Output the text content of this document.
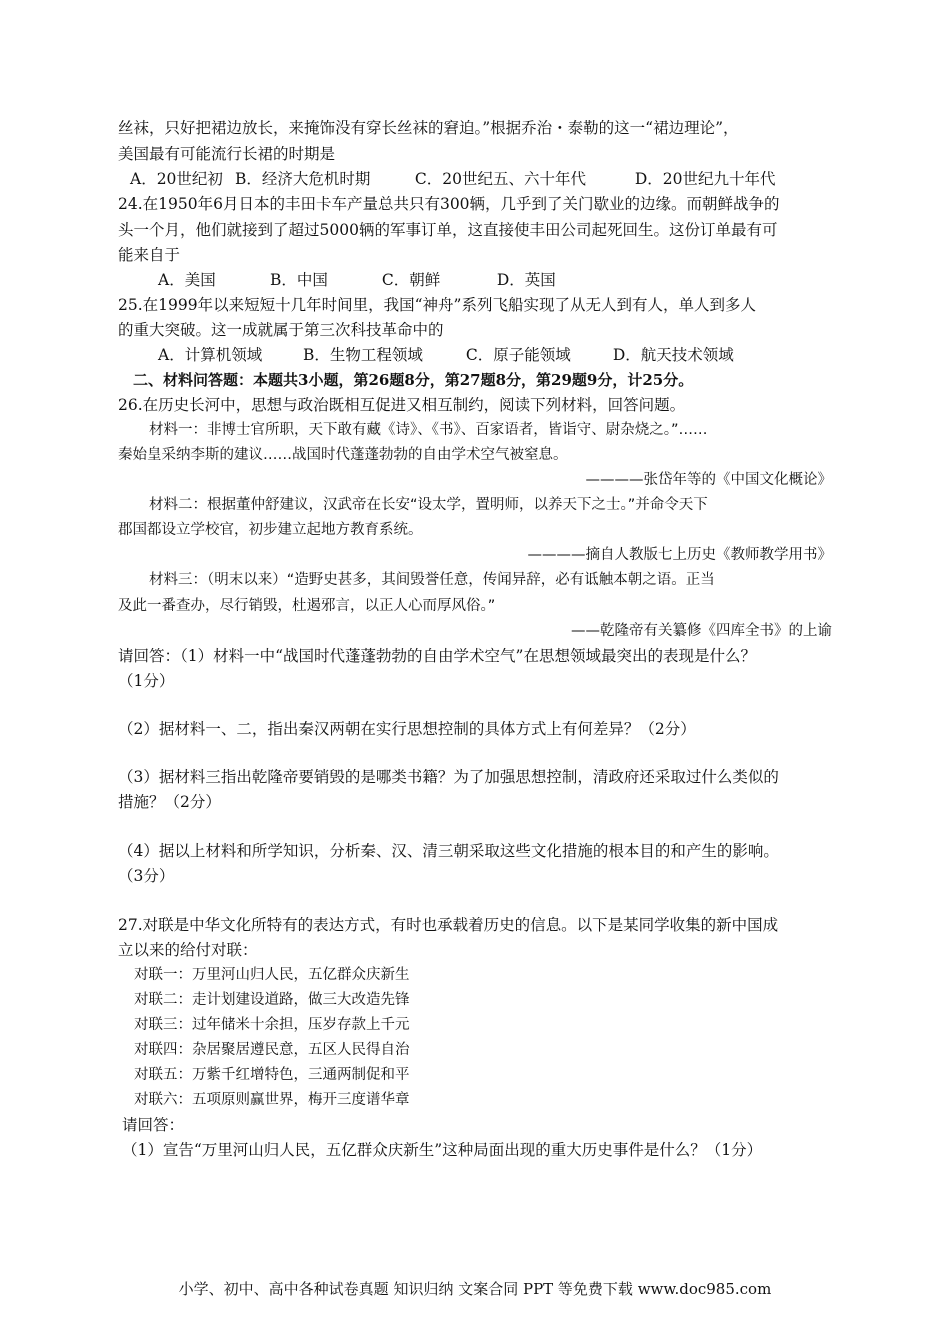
丝袜，只好把裙边放长，来掩饰没有穿长丝袜的窘迫。”根据乔治・泰勒的这一“裙边理论”，
美国最有可能流行长裙的时期是
A．20世纪初 B．经济大危机时期	C．20世纪五、六十年代	D．20世纪九十年代
24.在1950年6月日本的丰田卡车产量总共只有300辆，几乎到了关门歇业的边缘。而朝鲜战争的
头一个月，他们就接到了超过5000辆的军事订单，这直接使丰田公司起死回生。这份订单最有可
能来自于
A．美国	B．中国	C．朝鲜	D．英国
25.在1999年以来短短十几年时间里，我国“神舟”系列飞船实现了从无人到有人，单人到多人
的重大突破。这一成就属于第三次科技革命中的
A．计算机领域	B．生物工程领域	C．原子能领域	D．航天技术领域
二、材料问答题：本题共3小题，第26题8分，第27题8分，第29题9分，计25分。
26.在历史长河中，思想与政治既相互促进又相互制约，阅读下列材料，回答问题。
材料一：非博士官所职，天下敢有藏《诗》、《书》、百家语者，皆诣守、尉杂烧之。”……
秦始皇采纳李斯的建议……战国时代蓬蓬勃勃的自由学术空气被窒息。
————张岱年等的《中国文化概论》
材料二：根据董仲舒建议，汉武帝在长安“设太学，置明师，以养天下之士。”并命令天下
郡国都设立学校官，初步建立起地方教育系统。
————摘自人教版七上历史《教师教学用书》
材料三：（明末以来）“造野史甚多，其间毁誉任意，传闻异辞，必有诋触本朝之语。正当
及此一番查办，尽行销毁，杜遏邪言，以正人心而厚风俗。”
——乾隆帝有关纂修《四库全书》的上谕
请回答：（1）材料一中“战国时代蓬蓬勃勃的自由学术空气”在思想领域最突出的表现是什么？
（1分）
（2）据材料一、二，指出秦汉两朝在实行思想控制的具体方式上有何差异？（2分）
（3）据材料三指出乾隆帝要销毁的是哪类书籍？为了加强思想控制，清政府还采取过什么类似的
措施？（2分）
（4）据以上材料和所学知识，分析秦、汉、清三朝采取这些文化措施的根本目的和产生的影响。
（3分）
27.对联是中华文化所特有的表达方式，有时也承载着历史的信息。以下是某同学收集的新中国成
立以来的给付对联：
对联一：万里河山归人民，五亿群众庆新生
对联二：走计划建设道路，做三大改造先锋
对联三：过年储米十余担，压岁存款上千元
对联四：杂居聚居遵民意，五区人民得自治
对联五：万紫千红增特色，三通两制促和平
对联六：五项原则赢世界，梅开三度谱华章
请回答：
（1）宣告“万里河山归人民，五亿群众庆新生”这种局面出现的重大历史事件是什么？（1分）
小学、初中、高中各种试卷真题 知识归纳 文案合同 PPT 等免费下载 www.doc985.com
